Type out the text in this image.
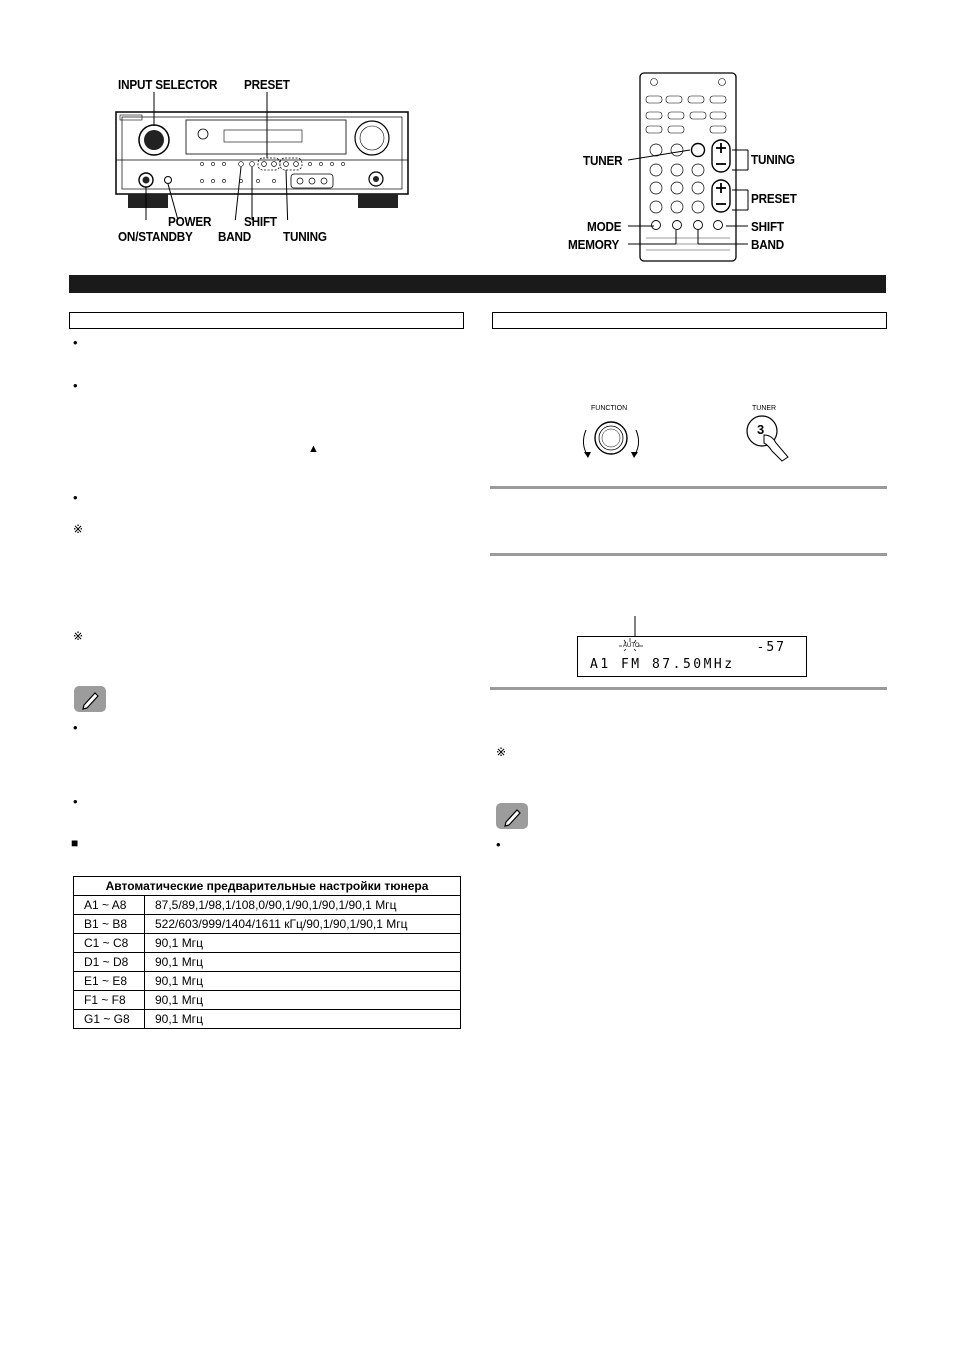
INPUT SELECTOR PRESET
POWER	SHIFT
ON/STANDBY BAND TUNING
TUNER	TUNING
PRESET
MODE	SHIFT
MEMORY	BAND
•
•
▲
•
※
※
•
•
■
Автоматические предварительные настройки тюнера	
A1 ~ A8	87,5/89,1/98,1/108,0/90,1/90,1/90,1/90,1 Мгц
B1 ~ B8	522/603/999/1404/1611 кГц/90,1/90,1/90,1 Мгц
C1 ~ C8	90,1 Мгц
D1 ~ D8	90,1 Мгц
E1 ~ E8	90,1 Мгц
F1 ~ F8	90,1 Мгц
G1 ~ G8	90,1 Мгц
FUNCTION	TUNER
3
AUTO	-57
A1 FM 87.50MHz
※
•
